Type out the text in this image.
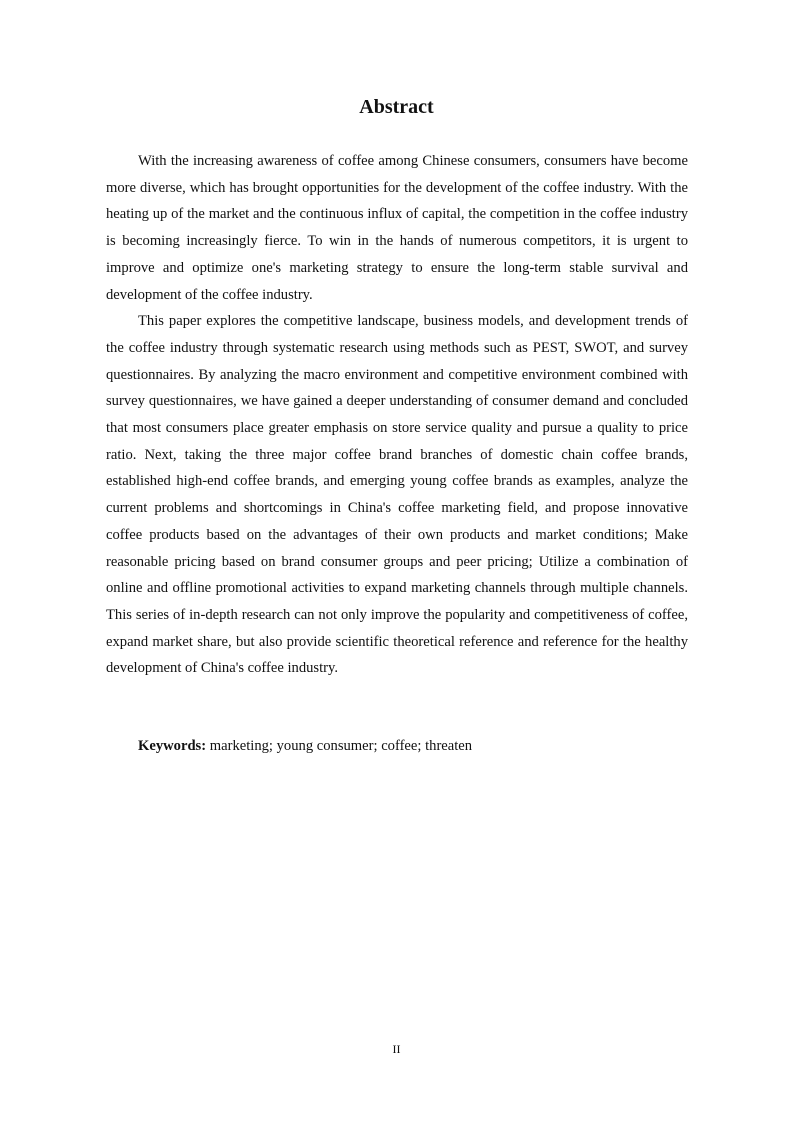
Abstract

With the increasing awareness of coffee among Chinese consumers, consumers have become more diverse, which has brought opportunities for the development of the coffee industry. With the heating up of the market and the continuous influx of capital, the competition in the coffee industry is becoming increasingly fierce. To win in the hands of numerous competitors, it is urgent to improve and optimize one's marketing strategy to ensure the long-term stable survival and development of the coffee industry.

This paper explores the competitive landscape, business models, and development trends of the coffee industry through systematic research using methods such as PEST, SWOT, and survey questionnaires. By analyzing the macro environment and competitive environment combined with survey questionnaires, we have gained a deeper understanding of consumer demand and concluded that most consumers place greater emphasis on store service quality and pursue a quality to price ratio. Next, taking the three major coffee brand branches of domestic chain coffee brands, established high-end coffee brands, and emerging young coffee brands as examples, analyze the current problems and shortcomings in China's coffee marketing field, and propose innovative coffee products based on the advantages of their own products and market conditions; Make reasonable pricing based on brand consumer groups and peer pricing; Utilize a combination of online and offline promotional activities to expand marketing channels through multiple channels. This series of in-depth research can not only improve the popularity and competitiveness of coffee, expand market share, but also provide scientific theoretical reference and reference for the healthy development of China's coffee industry.

Keywords: marketing; young consumer; coffee; threaten

II
